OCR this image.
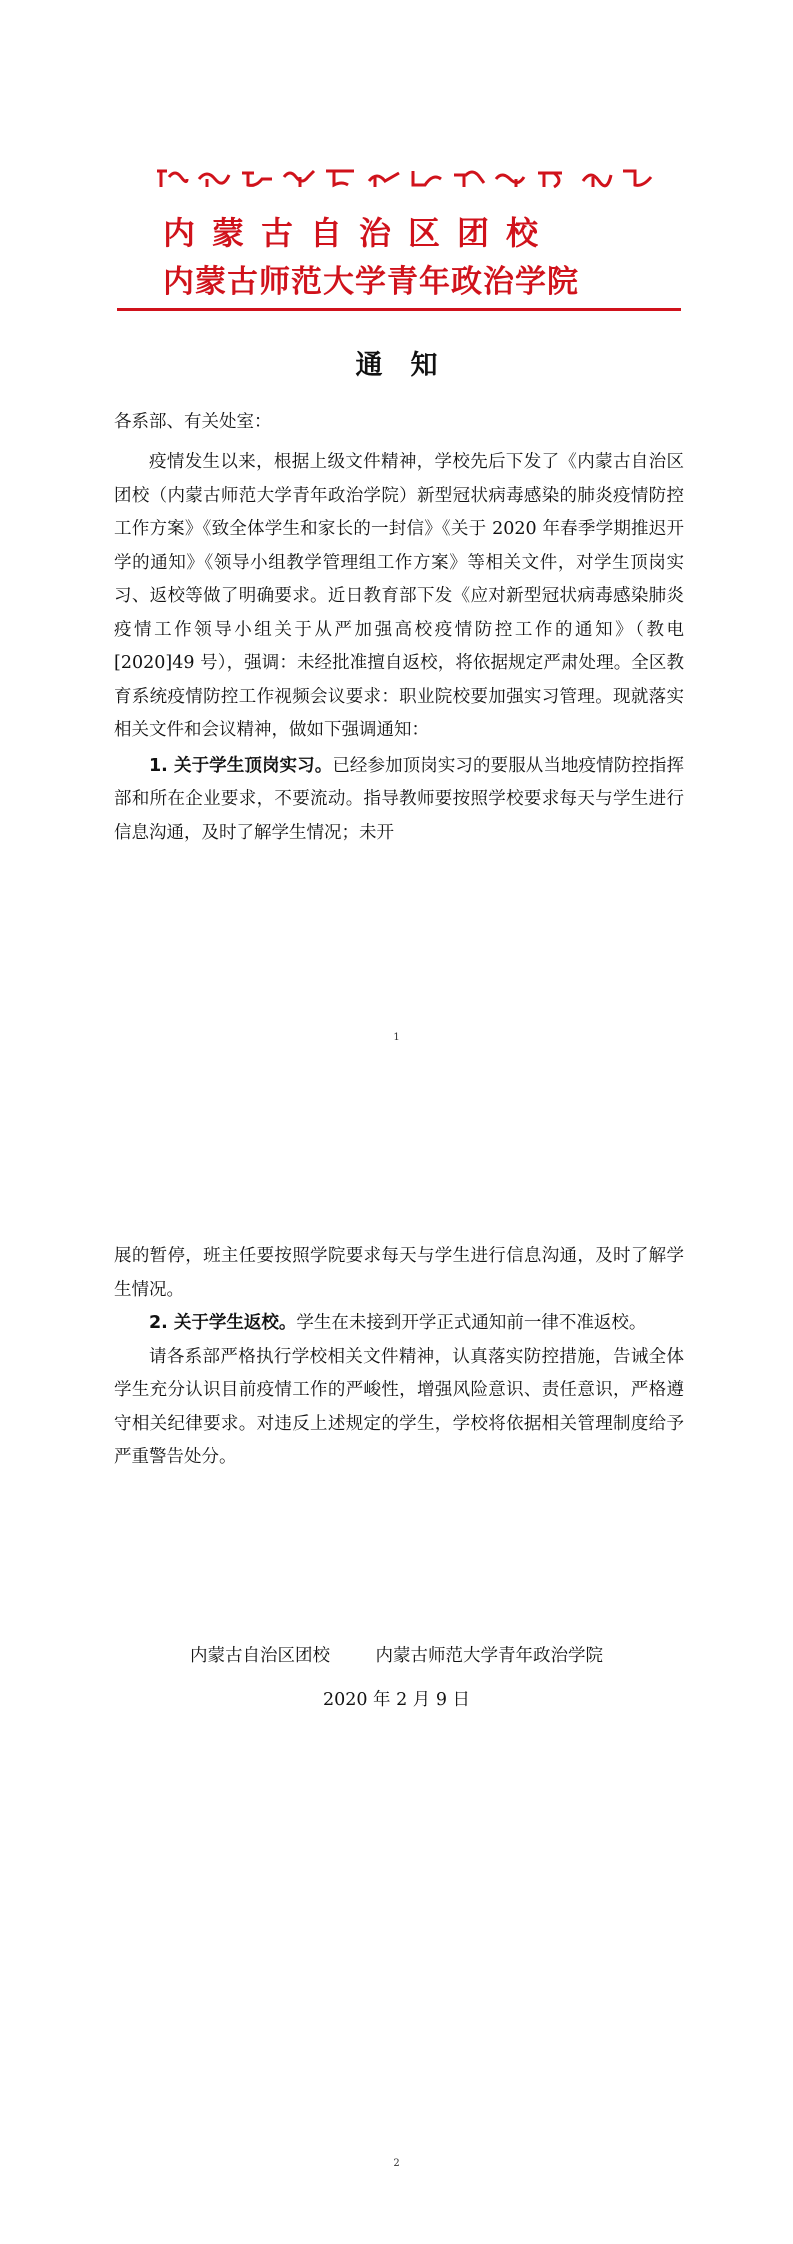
内蒙古自治区团校
内蒙古师范大学青年政治学院
通知
各系部、有关处室：

疫情发生以来，根据上级文件精神，学校先后下发了《内蒙古自治区团校（内蒙古师范大学青年政治学院）新型冠状病毒感染的肺炎疫情防控工作方案》《致全体学生和家长的一封信》《关于 2020 年春季学期推迟开学的通知》《领导小组教学管理组工作方案》等相关文件，对学生顶岗实习、返校等做了明确要求。近日教育部下发《应对新型冠状病毒感染肺炎疫情工作领导小组关于从严加强高校疫情防控工作的通知》（教电[2020]49 号），强调：未经批准擅自返校，将依据规定严肃处理。全区教育系统疫情防控工作视频会议要求：职业院校要加强实习管理。现就落实相关文件和会议精神，做如下强调通知：

1. 关于学生顶岗实习。已经参加顶岗实习的要服从当地疫情防控指挥部和所在企业要求，不要流动。指导教师要按照学校要求每天与学生进行信息沟通，及时了解学生情况；未开

1

展的暂停，班主任要按照学院要求每天与学生进行信息沟通，及时了解学生情况。

2. 关于学生返校。学生在未接到开学正式通知前一律不准返校。

请各系部严格执行学校相关文件精神，认真落实防控措施，告诫全体学生充分认识目前疫情工作的严峻性，增强风险意识、责任意识，严格遵守相关纪律要求。对违反上述规定的学生，学校将依据相关管理制度给予严重警告处分。

内蒙古自治区团校	内蒙古师范大学青年政治学院
2020 年 2 月 9 日
2
